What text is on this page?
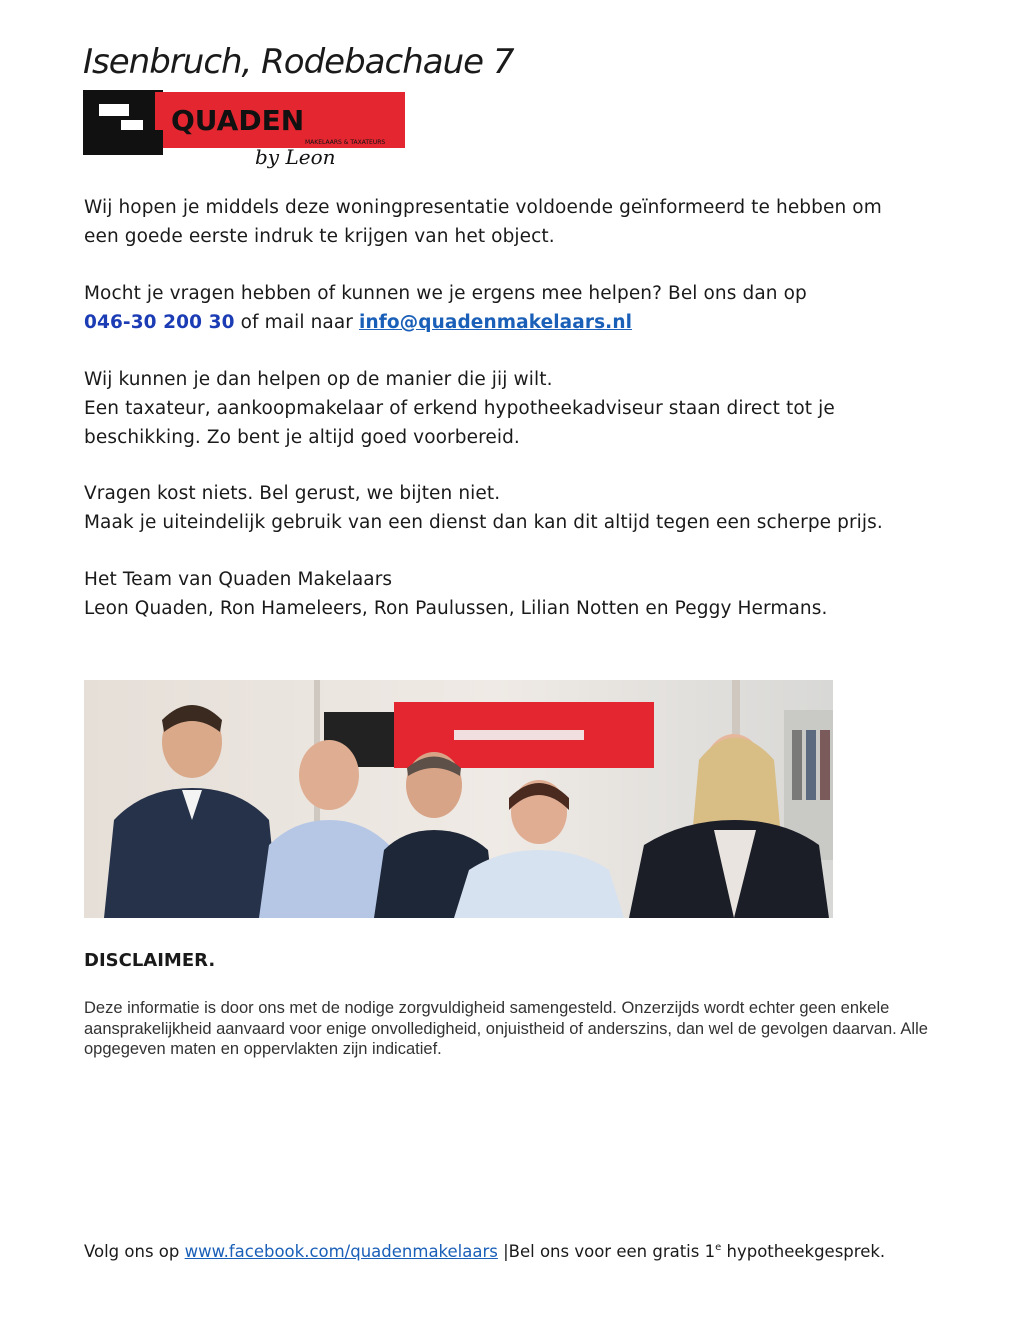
Isenbruch, Rodebachaue 7
QUADEN
MAKELAARS & TAXATEURS
by Leon

Wij hopen je middels deze woningpresentatie voldoende geïnformeerd te hebben om

een goede eerste indruk te krijgen van het object.

Mocht je vragen hebben of kunnen we je ergens mee helpen? Bel ons dan op

046-30 200 30 of mail naar info@quadenmakelaars.nl

Wij kunnen je dan helpen op de manier die jij wilt.

Een taxateur, aankoopmakelaar of erkend hypotheekadviseur staan direct tot je

beschikking. Zo bent je altijd goed voorbereid.

Vragen kost niets. Bel gerust, we bijten niet.

Maak je uiteindelijk gebruik van een dienst dan kan dit altijd tegen een scherpe prijs.

Het Team van Quaden Makelaars

Leon Quaden, Ron Hameleers, Ron Paulussen, Lilian Notten en Peggy Hermans.

DISCLAIMER.

Deze informatie is door ons met de nodige zorgvuldigheid samengesteld. Onzerzijds wordt echter geen enkele aansprakelijkheid aanvaard voor enige onvolledigheid, onjuistheid of anderszins, dan wel de gevolgen daarvan. Alle opgegeven maten en oppervlakten zijn indicatief.

Volg ons op www.facebook.com/quadenmakelaars |Bel ons voor een gratis 1e hypotheekgesprek.
